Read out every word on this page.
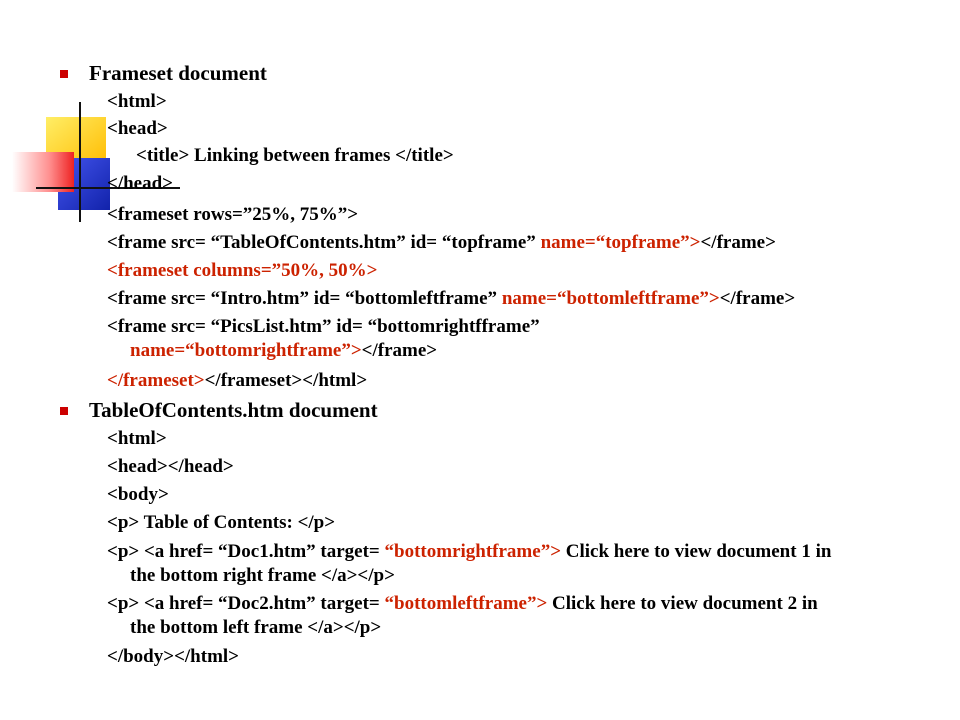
Frameset document
<html>
<head>
<title> Linking between frames </title>
</head>
<frameset rows=”25%, 75%”>
<frame src= “TableOfContents.htm” id= “topframe” name=“topframe”></frame>
<frameset columns=”50%, 50%>
<frame src= “Intro.htm” id= “bottomleftframe” name=“bottomleftframe”></frame>
<frame src= “PicsList.htm” id= “bottomrightfframe”
name=“bottomrightframe”></frame>
</frameset></frameset></html>
TableOfContents.htm document
<html>
<head></head>
<body>
<p> Table of Contents: </p>
<p> <a href= “Doc1.htm” target= “bottomrightframe”> Click here to view document 1 in
the bottom right frame </a></p>
<p> <a href= “Doc2.htm” target= “bottomleftframe”> Click here to view document 2 in
the bottom left frame </a></p>
</body></html>
